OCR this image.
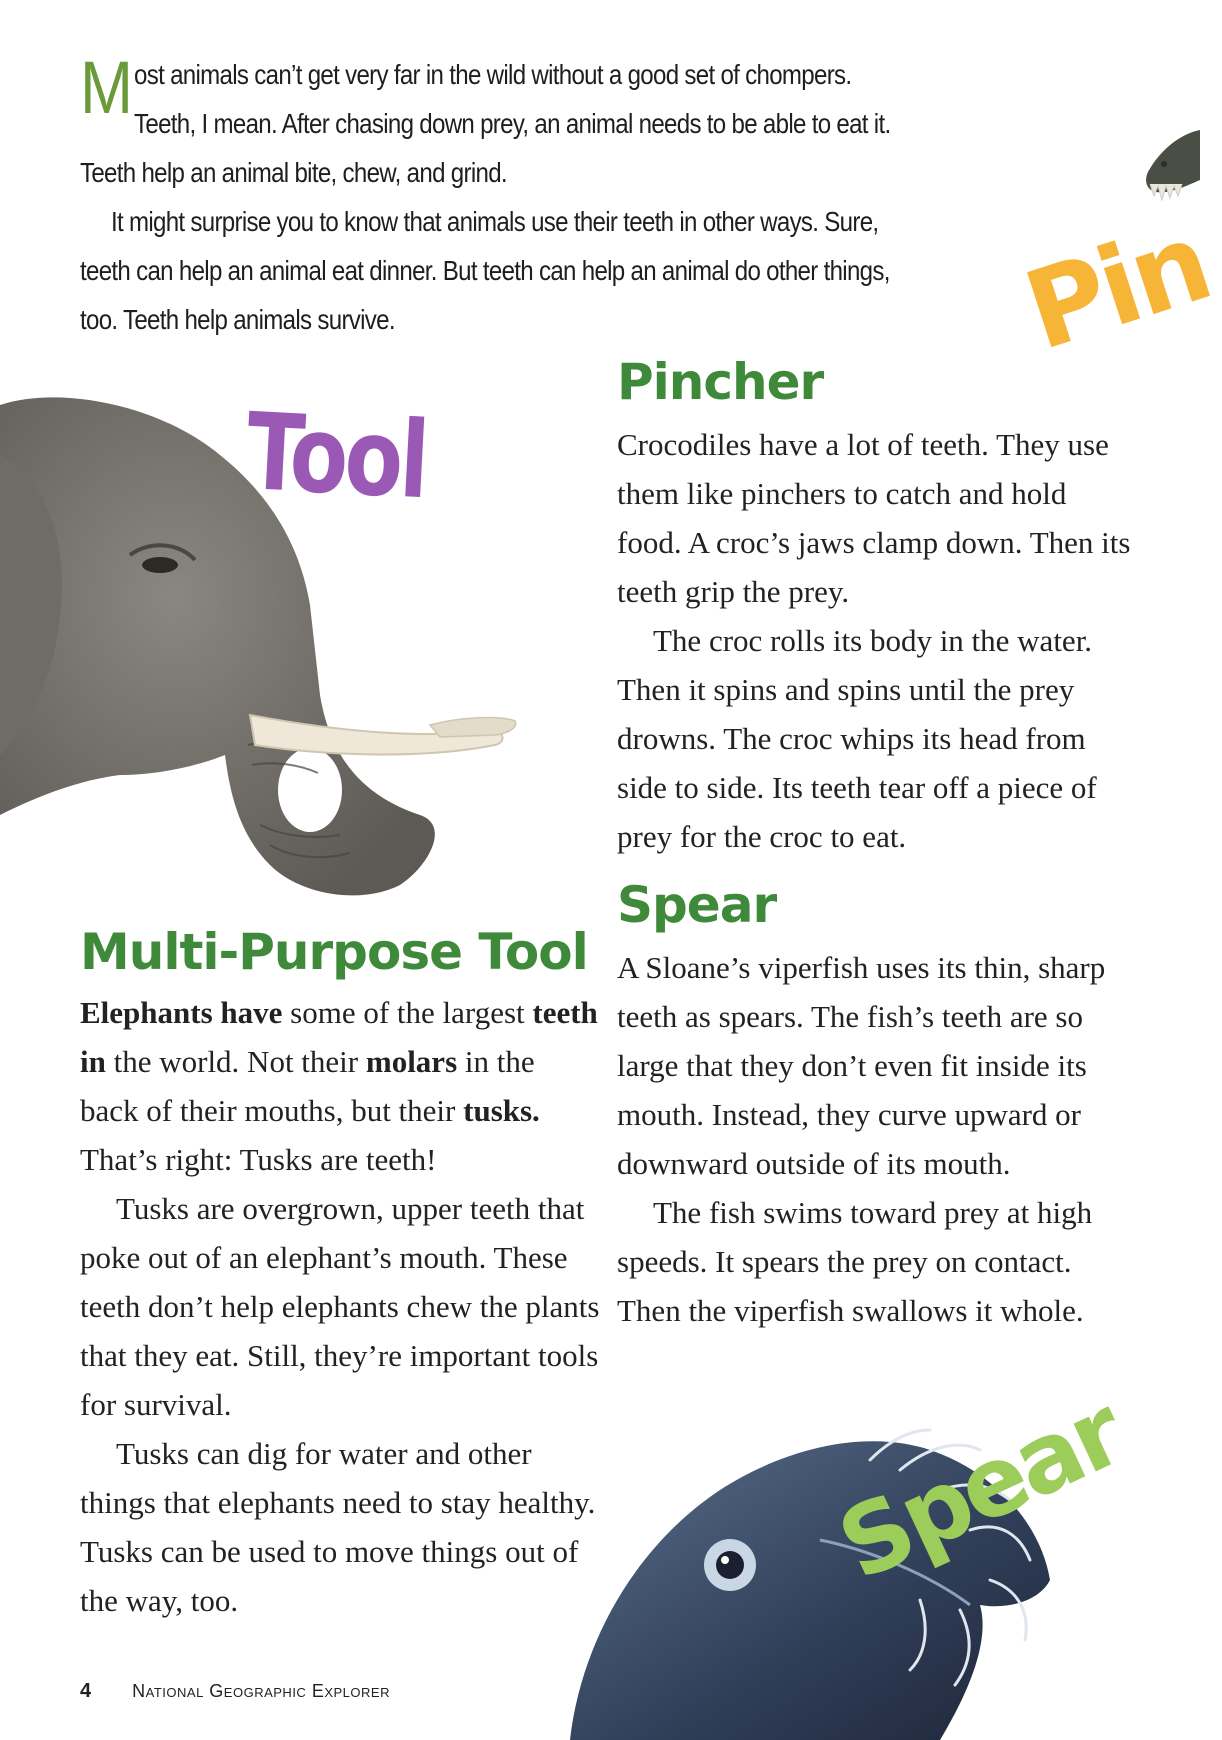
Most animals can’t get very far in the wild without a good set of chompers. Teeth, I mean. After chasing down prey, an animal needs to be able to eat it. Teeth help an animal bite, chew, and grind.

It might surprise you to know that animals use their teeth in other ways. Sure, teeth can help an animal eat dinner. But teeth can help an animal do other things, too. Teeth help animals survive.	Pin
Tool
Pincher

Crocodiles have a lot of teeth. They use them like pinchers to catch and hold food. A croc’s jaws clamp down. Then its teeth grip the prey.

The croc rolls its body in the water. Then it spins and spins until the prey drowns. The croc whips its head from side to side. Its teeth tear off a piece of prey for the croc to eat.

Spear

A Sloane’s viperfish uses its thin, sharp teeth as spears. The fish’s teeth are so large that they don’t even fit inside its mouth. Instead, they curve upward or downward outside of its mouth.

The fish swims toward prey at high speeds. It spears the prey on contact. Then the viperfish swallows it whole.

Multi-Purpose Tool

Elephants have some of the largest teeth in the world. Not their molars in the back of their mouths, but their tusks. That’s right: Tusks are teeth!

Tusks are overgrown, upper teeth that poke out of an elephant’s mouth. These teeth don’t help elephants chew the plants that they eat. Still, they’re important tools for survival.

Tusks can dig for water and other things that elephants need to stay healthy. Tusks can be used to move things out of the way, too.	Spear
4 National Geographic Explorer
